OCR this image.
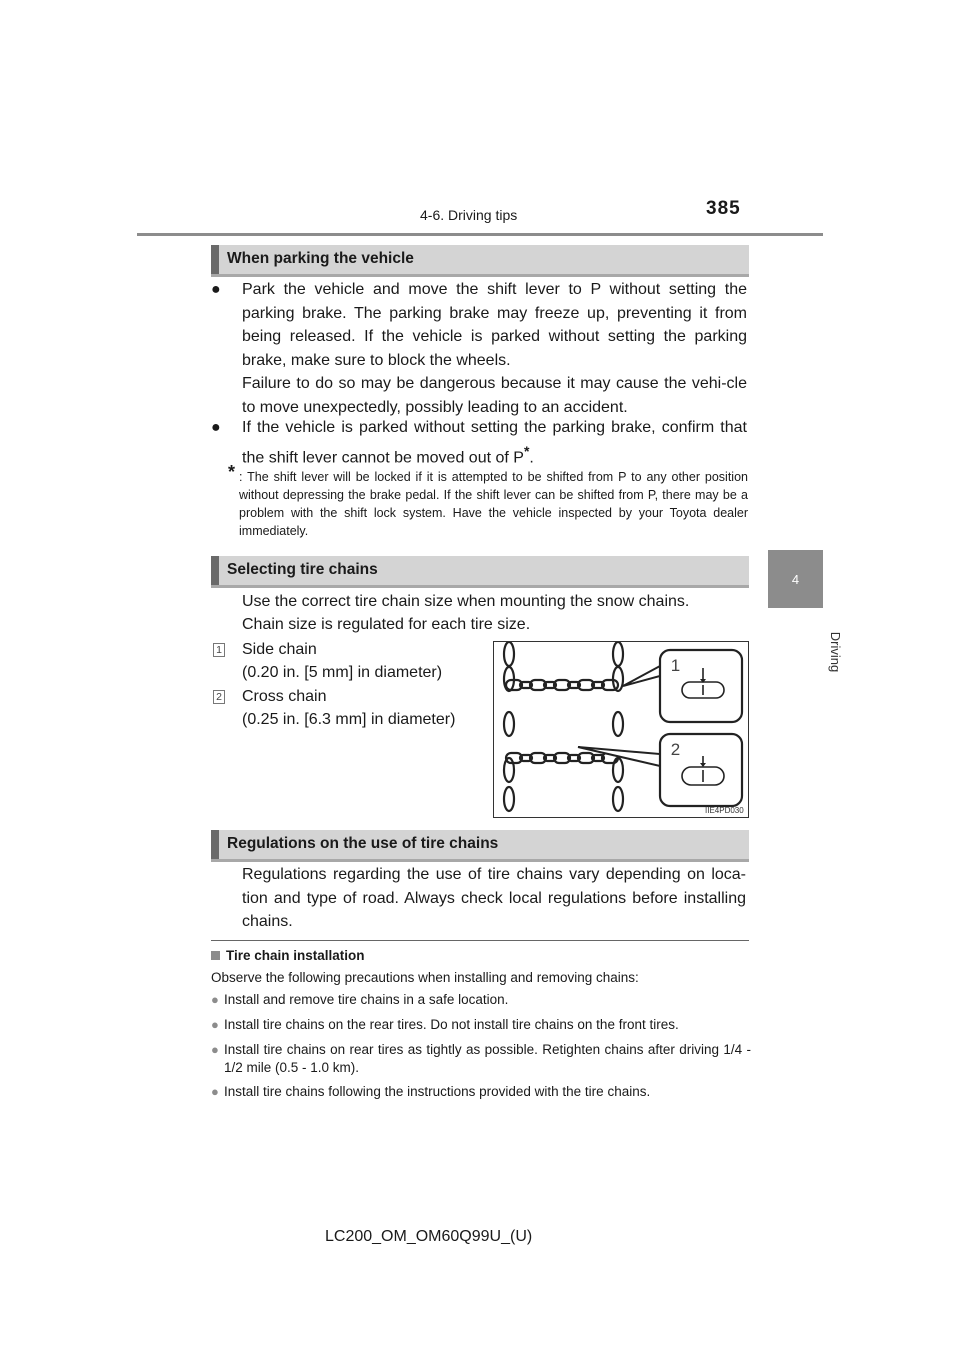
4-6. Driving tips	385
4
Driving
When parking the vehicle
●	Park the vehicle and move the shift lever to P without setting the parking brake. The parking brake may freeze up, preventing it from being released. If the vehicle is parked without setting the parking brake, make sure to block the wheels.
Failure to do so may be dangerous because it may cause the vehi-cle to move unexpectedly, possibly leading to an accident.
●	If the vehicle is parked without setting the parking brake, confirm that the shift lever cannot be moved out of P*.
* : The shift lever will be locked if it is attempted to be shifted from P to any other position without depressing the brake pedal. If the shift lever can be shifted from P, there may be a problem with the shift lock system. Have the vehicle inspected by your Toyota dealer immediately.
Selecting tire chains
Use the correct tire chain size when mounting the snow chains.
Chain size is regulated for each tire size.
1 Side chain
(0.20 in. [5 mm] in diameter)
2 Cross chain
(0.25 in. [6.3 mm] in diameter)
1
2
IIE4PD030
Regulations on the use of tire chains
Regulations regarding the use of tire chains vary depending on loca-tion and type of road. Always check local regulations before installing chains.
Tire chain installation
Observe the following precautions when installing and removing chains:
● Install and remove tire chains in a safe location.
● Install tire chains on the rear tires. Do not install tire chains on the front tires.
● Install tire chains on rear tires as tightly as possible. Retighten chains after driving 1/4 - 1/2 mile (0.5 - 1.0 km).
● Install tire chains following the instructions provided with the tire chains.
LC200_OM_OM60Q99U_(U)
